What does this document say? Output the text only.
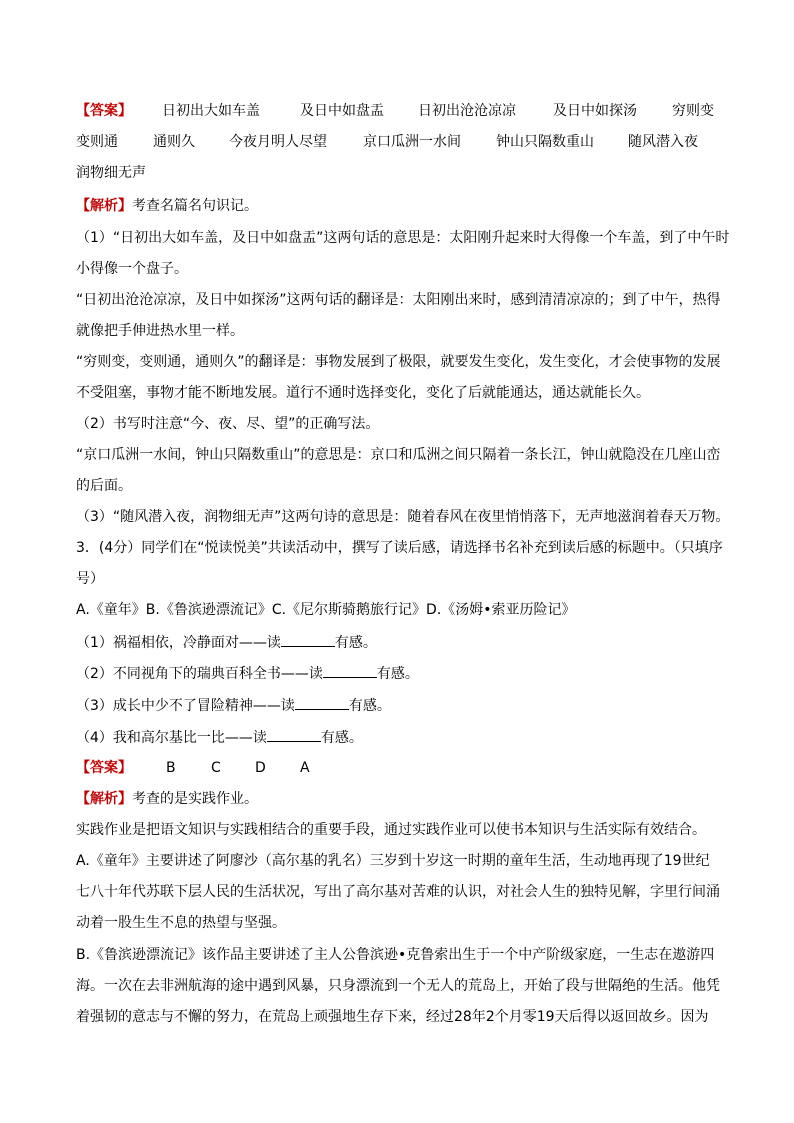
【答案】 日初出大如车盖	及日中如盘盂 日初出沧沧凉凉	及日中如探汤	穷则变
变则通	通则久 今夜月明人尽望	京口瓜洲一水间	钟山只隔数重山 随风潜入夜
润物细无声
【解析】考查名篇名句识记。
（1）“日初出大如车盖，及日中如盘盂”这两句话的意思是：太阳刚升起来时大得像一个车盖，到了中午时
小得像一个盘子。
“日初出沧沧凉凉，及日中如探汤”这两句话的翻译是：太阳刚出来时，感到清清凉凉的；到了中午，热得
就像把手伸进热水里一样。
“穷则变，变则通，通则久”的翻译是：事物发展到了极限，就要发生变化，发生变化，才会使事物的发展
不受阻塞，事物才能不断地发展。道行不通时选择变化，变化了后就能通达，通达就能长久。
（2）书写时注意“今、夜、尽、望”的正确写法。
“京口瓜洲一水间，钟山只隔数重山”的意思是：京口和瓜洲之间只隔着一条长江，钟山就隐没在几座山峦
的后面。
（3）“随风潜入夜，润物细无声”这两句诗的意思是：随着春风在夜里悄悄落下，无声地滋润着春天万物。
3．(4分）同学们在“悦读悦美”共读活动中，撰写了读后感，请选择书名补充到读后感的标题中。（只填序
号）
A.《童年》B.《鲁滨逊漂流记》C.《尼尔斯骑鹅旅行记》D.《汤姆•索亚历险记》
（1）祸福相依，冷静面对——读	有感。
（2）不同视角下的瑞典百科全书——读	有感。
（3）成长中少不了冒险精神——读	有感。
（4）我和高尔基比一比——读	有感。
【答案】 B	C D A
【解析】考查的是实践作业。
实践作业是把语文知识与实践相结合的重要手段，通过实践作业可以使书本知识与生活实际有效结合。
A.《童年》主要讲述了阿廖沙（高尔基的乳名）三岁到十岁这一时期的童年生活，生动地再现了19世纪
七八十年代苏联下层人民的生活状况，写出了高尔基对苦难的认识，对社会人生的独特见解，字里行间涌
动着一股生生不息的热望与坚强。
B.《鲁滨逊漂流记》该作品主要讲述了主人公鲁滨逊•克鲁索出生于一个中产阶级家庭，一生志在遨游四
海。一次在去非洲航海的途中遇到风暴，只身漂流到一个无人的荒岛上，开始了段与世隔绝的生活。他凭
着强韧的意志与不懈的努力，在荒岛上顽强地生存下来，经过28年2个月零19天后得以返回故乡。因为
